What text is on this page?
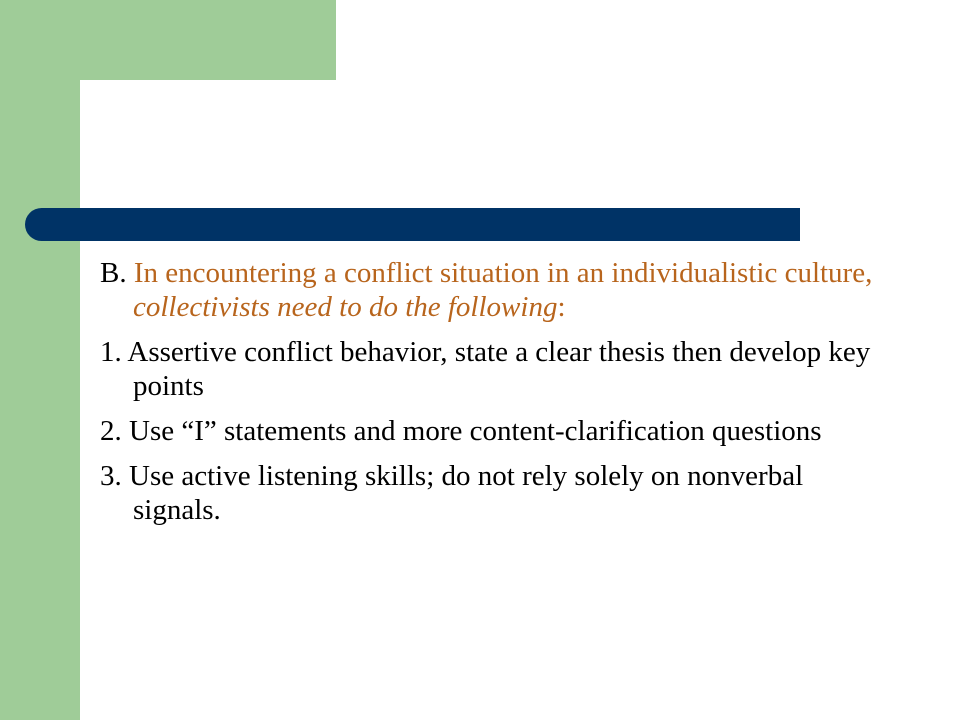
B. In encountering a conflict situation in an individualistic culture, collectivists need to do the following:
1. Assertive conflict behavior, state a clear thesis then develop key points
2. Use “I” statements and more content-clarification questions
3. Use active listening skills; do not rely solely on nonverbal signals.
